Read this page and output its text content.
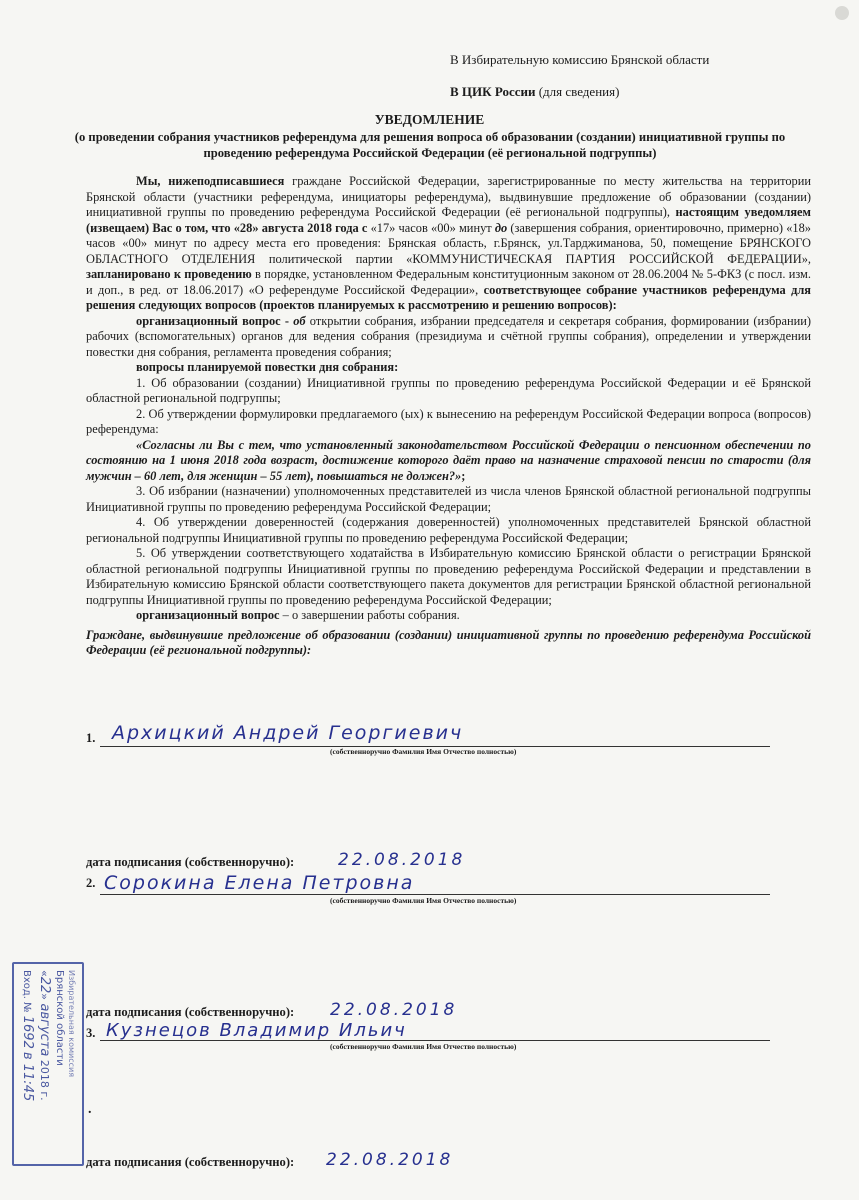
В Избирательную комиссию Брянской области
В ЦИК России (для сведения)
УВЕДОМЛЕНИЕ
(о проведении собрания участников референдума для решения вопроса об образовании (создании) инициативной группы по проведению референдума Российской Федерации (её региональной подгруппы)

Мы, нижеподписавшиеся граждане Российской Федерации, зарегистрированные по месту жительства на территории Брянской области (участники референдума, инициаторы референдума), выдвинувшие предложение об образовании (создании) инициативной группы по проведению референдума Российской Федерации (её региональной подгруппы), настоящим уведомляем (извещаем) Вас о том, что «28» августа 2018 года с «17» часов «00» минут до (завершения собрания, ориентировочно, примерно) «18» часов «00» минут по адресу места его проведения: Брянская область, г.Брянск, ул.Тарджиманова, 50, помещение БРЯНСКОГО ОБЛАСТНОГО ОТДЕЛЕНИЯ политической партии «КОММУНИСТИЧЕСКАЯ ПАРТИЯ РОССИЙСКОЙ ФЕДЕРАЦИИ», запланировано к проведению в порядке, установленном Федеральным конституционным законом от 28.06.2004 № 5-ФКЗ (с посл. изм. и доп., в ред. от 18.06.2017) «О референдуме Российской Федерации», соответствующее собрание участников референдума для решения следующих вопросов (проектов планируемых к рассмотрению и решению вопросов):

организационный вопрос - об открытии собрания, избрании председателя и секретаря собрания, формировании (избрании) рабочих (вспомогательных) органов для ведения собрания (президиума и счётной группы собрания), определении и утверждении повестки дня собрания, регламента проведения собрания;

вопросы планируемой повестки дня собрания:

1. Об образовании (создании) Инициативной группы по проведению референдума Российской Федерации и её Брянской областной региональной подгруппы;

2. Об утверждении формулировки предлагаемого (ых) к вынесению на референдум Российской Федерации вопроса (вопросов) референдума:

«Согласны ли Вы с тем, что установленный законодательством Российской Федерации о пенсионном обеспечении по состоянию на 1 июня 2018 года возраст, достижение которого даёт право на назначение страховой пенсии по старости (для мужчин – 60 лет, для женщин – 55 лет), повышаться не должен?»;

3. Об избрании (назначении) уполномоченных представителей из числа членов Брянской областной региональной подгруппы Инициативной группы по проведению референдума Российской Федерации;

4. Об утверждении доверенностей (содержания доверенностей) уполномоченных представителей Брянской областной региональной подгруппы Инициативной группы по проведению референдума Российской Федерации;

5. Об утверждении соответствующего ходатайства в Избирательную комиссию Брянской области о регистрации Брянской областной региональной подгруппы Инициативной группы по проведению референдума Российской Федерации и представлении в Избирательную комиссию Брянской области соответствующего пакета документов для регистрации Брянской областной региональной подгруппы Инициативной группы по проведению референдума Российской Федерации;

организационный вопрос – о завершении работы собрания.

Граждане, выдвинувшие предложение об образовании (создании) инициативной группы по проведению референдума Российской Федерации (её региональной подгруппы):

1. Архицкий Андрей Георгиевич
(собственноручно Фамилия Имя Отчество полностью)
дата подписания (собственноручно):	22.08.2018
2. Сорокина Елена Петровна
(собственноручно Фамилия Имя Отчество полностью)
дата подписания (собственноручно): 22.08.2018
3. Кузнецов Владимир Ильич
(собственноручно Фамилия Имя Отчество полностью)
.
дата подписания (собственноручно): 22.08.2018
Избирательная комиссия
Брянской области
«22» августа 2018 г.
Вход. № 1692 в 11:45
